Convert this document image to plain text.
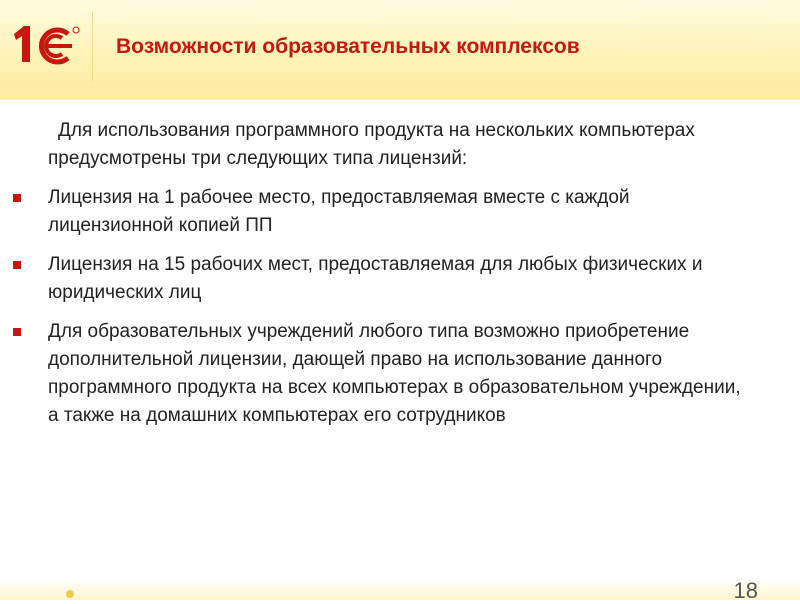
Возможности образовательных комплексов

Для использования программного продукта на нескольких компьютерах предусмотрены три следующих типа лицензий:

Лицензия на 1 рабочее место, предоставляемая вместе с каждой лицензионной копией ПП
Лицензия на 15 рабочих мест, предоставляемая для любых физических и юридических лиц
Для образовательных учреждений любого типа возможно приобретение дополнительной лицензии, дающей право на использование данного программного продукта на всех компьютерах в образовательном учреждении, а также на домашних компьютерах его сотрудников
18
